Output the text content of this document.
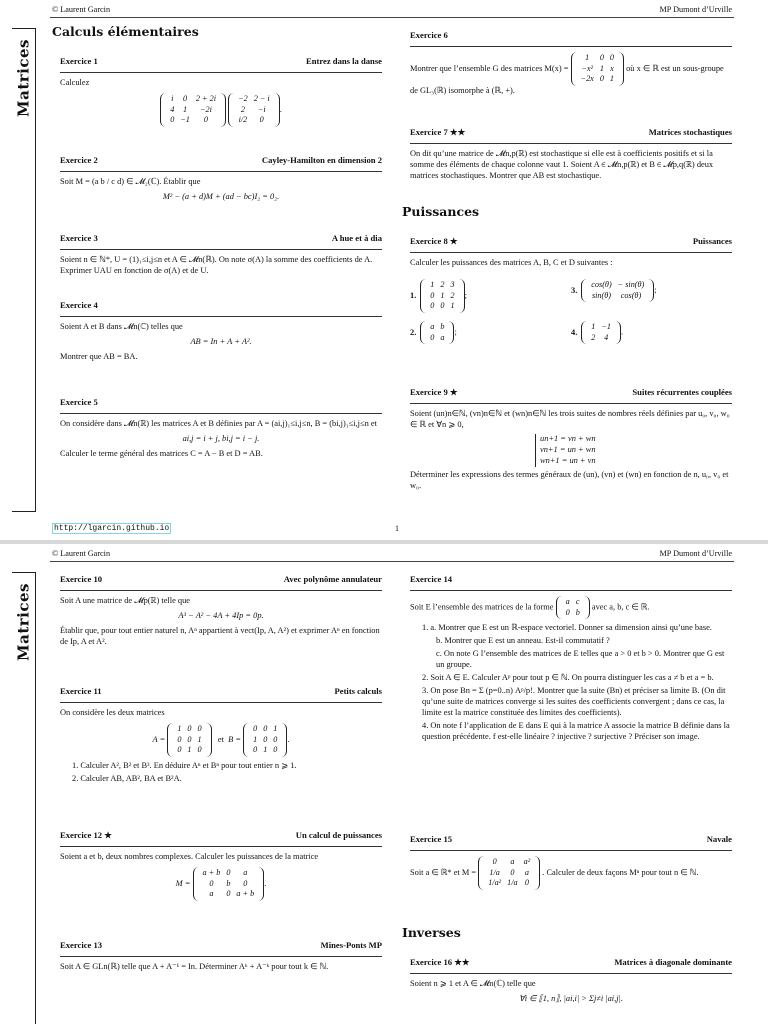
© Laurent Garcin	MP Dumont d’Urville
Matrices
Calculs élémentaires
Exercice 1	Entrez dans la danse
Calculez
i	0	2 + 2i
4	1	−2i
0	−1	0

−2	2 − i
2	−i
i/2	0
.
Exercice 2	Cayley-Hamilton en dimension 2
Soit M = (a b / c d) ∈ 𝓜₂(ℂ). Établir que
M² − (a + d)M + (ad − bc)I₂ = 0₂.
Exercice 3	A hue et à dia
Soient n ∈ ℕ*, U = (1)₁≤i,j≤n et A ∈ 𝓜n(ℝ). On note σ(A) la somme des coefficients de A. Exprimer UAU en fonction de σ(A) et de U.
Exercice 4
Soient A et B dans 𝓜n(ℂ) telles que
AB = In + A + A².
Montrer que AB = BA.
Exercice 5
On considère dans 𝓜n(ℝ) les matrices A et B définies par A = (ai,j)₁≤i,j≤n, B = (bi,j)₁≤i,j≤n et
ai,j = i + j, bi,j = i − j.
Calculer le terme général des matrices C = A − B et D = AB.
Exercice 6
Montrer que l’ensemble G des matrices M(x) =
1	0	0
−x²	1	x
−2x	0	1
où x ∈ ℝ est un sous-groupe de GL₃(ℝ) isomorphe à (ℝ, +).
Exercice 7 ★★	Matrices stochastiques
On dit qu’une matrice de 𝓜n,p(ℝ) est stochastique si elle est à coefficients positifs et si la somme des éléments de chaque colonne vaut 1. Soient A ∈ 𝓜n,p(ℝ) et B ∈ 𝓜p,q(ℝ) deux matrices stochastiques. Montrer que AB est stochastique.
Puissances
Exercice 8 ★	Puissances
Calculer les puissances des matrices A, B, C et D suivantes :
1.
1	2	3
0	1	2
0	0	1
;
3.
cos(θ)	− sin(θ)
sin(θ)	cos(θ)
;
2.
a	b
0	a
;	4.
1	−1
2	4
.
Exercice 9 ★	Suites récurrentes couplées
Soient (un)n∈ℕ, (vn)n∈ℕ et (wn)n∈ℕ les trois suites de nombres réels définies par u₀, v₀, w₀ ∈ ℝ et ∀n ⩾ 0,
un+1 = vn + wn
vn+1 = un + wn
wn+1 = un + vn
Déterminer les expressions des termes généraux de (un), (vn) et (wn) en fonction de n, u₀, v₀ et w₀.
http://lgarcin.github.io	1
© Laurent Garcin	MP Dumont d’Urville
Matrices
Exercice 10	Avec polynôme annulateur
Soit A une matrice de 𝓜p(ℝ) telle que
A³ − A² − 4A + 4Ip = 0p.
Établir que, pour tout entier naturel n, Aⁿ appartient à vect(Ip, A, A²) et exprimer Aⁿ en fonction de Ip, A et A².
Exercice 11	Petits calculs
On considère les deux matrices
A =
1	0	0
0	0	1
0	1	0
et B =
0	0	1
1	0	0
0	1	0
.
1. Calculer A², B² et B³. En déduire Aⁿ et Bⁿ pour tout entier n ⩾ 1.
2. Calculer AB, AB², BA et B²A.
Exercice 12 ★	Un calcul de puissances
Soient a et b, deux nombres complexes. Calculer les puissances de la matrice
M =
a + b	0	a
0	b	0
a	0	a + b
.
Exercice 13	Mines-Ponts MP
Soit A ∈ GLn(ℝ) telle que A + A⁻¹ = In. Déterminer Aᵏ + A⁻ᵏ pour tout k ∈ ℕ.
Exercice 14
Soit E l’ensemble des matrices de la forme
a	c
0	b
avec a, b, c ∈ ℝ.
1. a. Montrer que E est un ℝ-espace vectoriel. Donner sa dimension ainsi qu’une base.
b. Montrer que E est un anneau. Est-il commutatif ?
c. On note G l’ensemble des matrices de E telles que a > 0 et b > 0. Montrer que G est un groupe.
2. Soit A ∈ E. Calculer Aᵖ pour tout p ∈ ℕ. On pourra distinguer les cas a ≠ b et a = b.
3. On pose Bn = Σ (p=0..n) Aᵖ/p!. Montrer que la suite (Bn) et préciser sa limite B. (On dit qu’une suite de matrices converge si les suites des coefficients convergent ; dans ce cas, la limite est la matrice constituée des limites des coefficients).
4. On note f l’application de E dans E qui à la matrice A associe la matrice B définie dans la question précédente. f est-elle linéaire ? injective ? surjective ? Préciser son image.
Exercice 15	Navale
Soit a ∈ ℝ* et M =
0	a	a²
1/a	0	a
1/a²	1/a	0
. Calculer de deux façons Mⁿ pour tout n ∈ ℕ.
Inverses
Exercice 16 ★★	Matrices à diagonale dominante
Soient n ⩾ 1 et A ∈ 𝓜n(ℂ) telle que
∀i ∈ ⟦1, n⟧, |ai,i| > Σj≠i |ai,j|.
